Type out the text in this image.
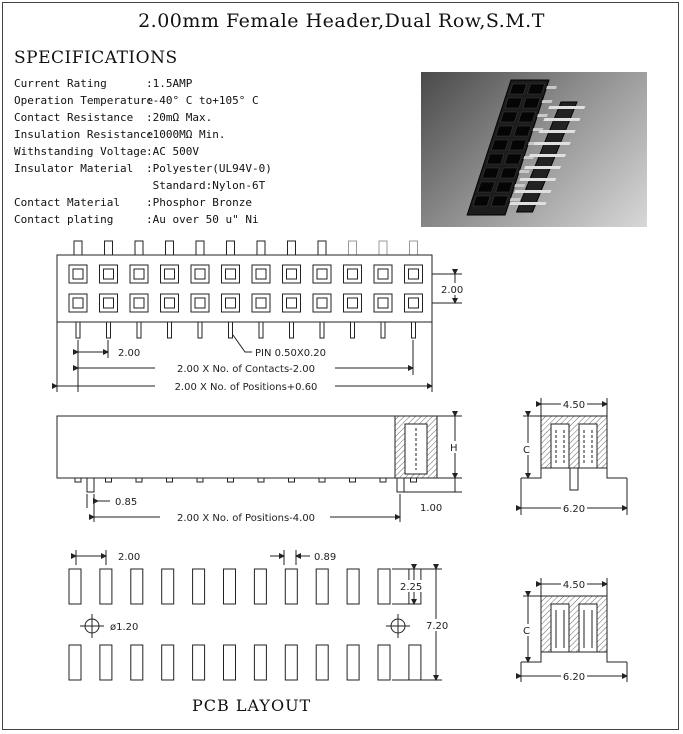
2.00mm Female Header,Dual Row,S.M.T
SPECIFICATIONS
Current Rating	:1.5AMP
Operation Temperature:-40° C to+105° C
Contact Resistance :20mΩ Max.
Insulation Resistance:1000MΩ Min.
Withstanding Voltage:AC 500V
Insulator Material :Polyester(UL94V-0)
Standard:Nylon-6T
Contact Material :Phosphor Bronze
Contact plating	:Au over 50 u" Ni
2.00
2.00
PIN 0.50X0.20
2.00 X No. of Contacts-2.00
2.00 X No. of Positions+0.60
H
1.00
0.85
2.00 X No. of Positions-4.00
4.50
C
6.20
2.00	0.89
2.25
ø1.20	7.20
4.50
C
6.20
PCB LAYOUT
